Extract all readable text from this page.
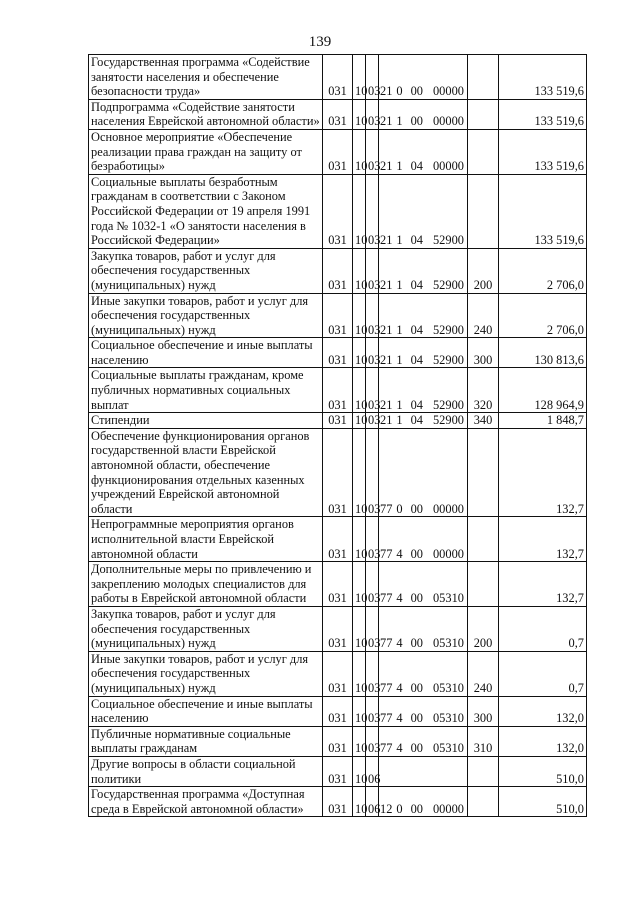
139
Государственная программа «Содействие занятости населения и обеспечение безопасности труда»	031	10	03	21 0 00 00000		133 519,6
Подпрограмма «Содействие занятости населения Еврейской автономной области»	031	10	03	21 1 00 00000		133 519,6
Основное мероприятие «Обеспечение реализации права граждан на защиту от безработицы»	031	10	03	21 1 04 00000		133 519,6
Социальные выплаты безработным гражданам в соответствии с Законом Российской Федерации от 19 апреля 1991 года № 1032-1 «О занятости населения в Российской Федерации»	031	10	03	21 1 04 52900		133 519,6
Закупка товаров, работ и услуг для обеспечения государственных (муниципальных) нужд	031	10	03	21 1 04 52900	200	2 706,0
Иные закупки товаров, работ и услуг для обеспечения государственных (муниципальных) нужд	031	10	03	21 1 04 52900	240	2 706,0
Социальное обеспечение и иные выплаты населению	031	10	03	21 1 04 52900	300	130 813,6
Социальные выплаты гражданам, кроме публичных нормативных социальных выплат	031	10	03	21 1 04 52900	320	128 964,9
Стипендии	031	10	03	21 1 04 52900	340	1 848,7
Обеспечение функционирования органов государственной власти Еврейской автономной области, обеспечение функционирования отдельных казенных учреждений Еврейской автономной области	031	10	03	77 0 00 00000		132,7
Непрограммные мероприятия органов исполнительной власти Еврейской автономной области	031	10	03	77 4 00 00000		132,7
Дополнительные меры по привлечению и закреплению молодых специалистов для работы в Еврейской автономной области	031	10	03	77 4 00 05310		132,7
Закупка товаров, работ и услуг для обеспечения государственных (муниципальных) нужд	031	10	03	77 4 00 05310	200	0,7
Иные закупки товаров, работ и услуг для обеспечения государственных (муниципальных) нужд	031	10	03	77 4 00 05310	240	0,7
Социальное обеспечение и иные выплаты населению	031	10	03	77 4 00 05310	300	132,0
Публичные нормативные социальные выплаты гражданам	031	10	03	77 4 00 05310	310	132,0
Другие вопросы в области социальной политики	031	10	06			510,0
Государственная программа «Доступная среда в Еврейской автономной области»	031	10	06	12 0 00 00000		510,0
